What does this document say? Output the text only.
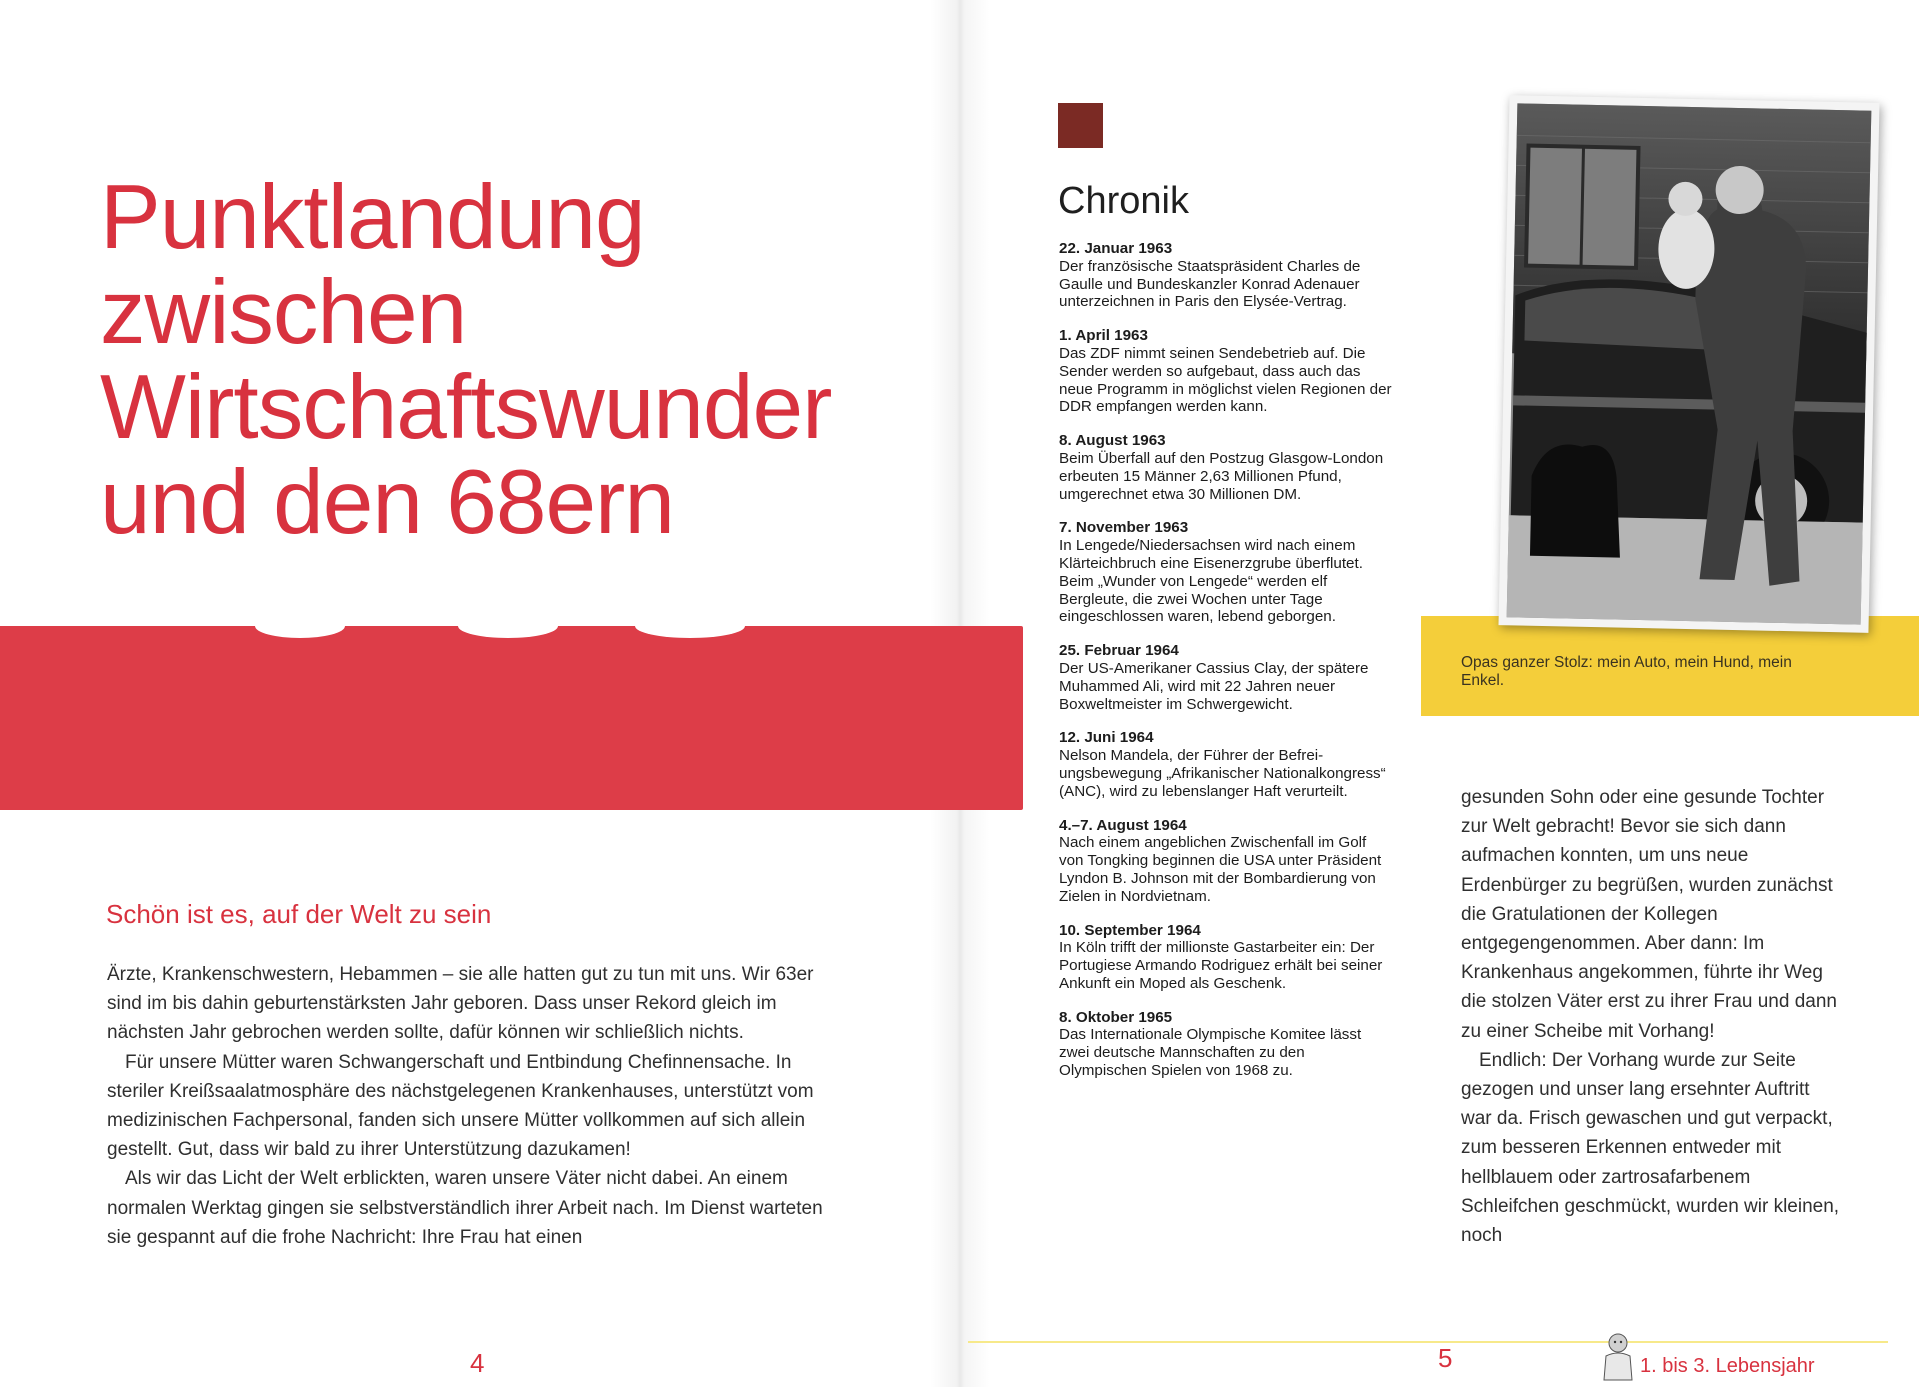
Punktlandung
zwischen
Wirtschaftswunder
und den 68ern
Schön ist es, auf der Welt zu sein

Ärzte, Krankenschwestern, Hebammen – sie alle hatten gut zu tun mit uns. Wir 63er sind im bis dahin geburtenstärksten Jahr geboren. Dass unser Rekord gleich im nächsten Jahr gebrochen werden sollte, dafür können wir schließlich nichts.

Für unsere Mütter waren Schwangerschaft und Entbindung Chefinnensache. In steriler Kreißsaalatmosphäre des nächstgelegenen Krankenhauses, unterstützt vom medizinischen Fachpersonal, fanden sich unsere Mütter vollkommen auf sich allein gestellt. Gut, dass wir bald zu ihrer Unterstützung dazukamen!

Als wir das Licht der Welt erblickten, waren unsere Väter nicht dabei. An einem normalen Werktag gingen sie selbstverständlich ihrer Arbeit nach. Im Dienst warteten sie gespannt auf die frohe Nachricht: Ihre Frau hat einen

4
Chronik
22. Januar 1963
Der französische Staatspräsident Charles de Gaulle und Bundeskanzler Konrad Adenauer unterzeichnen in Paris den Elysée-Vertrag.
1. April 1963
Das ZDF nimmt seinen Sendebetrieb auf. Die Sender werden so aufgebaut, dass auch das neue Programm in möglichst vielen Regionen der DDR empfangen werden kann.
8. August 1963
Beim Überfall auf den Postzug Glasgow-London erbeuten 15 Männer 2,63 Millionen Pfund, umgerechnet etwa 30 Millionen DM.
7. November 1963
In Lengede/Niedersachsen wird nach einem Klärteichbruch eine Eisenerzgrube überflutet. Beim „Wunder von Lengede“ werden elf Bergleute, die zwei Wochen unter Tage eingeschlossen waren, lebend geborgen.
25. Februar 1964
Der US-Amerikaner Cassius Clay, der spätere Muhammed Ali, wird mit 22 Jahren neuer Boxweltmeister im Schwergewicht.
12. Juni 1964
Nelson Mandela, der Führer der Befreiungsbewegung „Afrikanischer Nationalkongress“ (ANC), wird zu lebenslanger Haft verurteilt.
4.–7. August 1964
Nach einem angeblichen Zwischenfall im Golf von Tongking beginnen die USA unter Präsident Lyndon B. Johnson mit der Bombardierung von Zielen in Nordvietnam.
10. September 1964
In Köln trifft der millionste Gastarbeiter ein: Der Portugiese Armando Rodriguez erhält bei seiner Ankunft ein Moped als Geschenk.
8. Oktober 1965
Das Internationale Olympische Komitee lässt zwei deutsche Mannschaften zu den Olympischen Spielen von 1968 zu.
5

Opas ganzer Stolz: mein Auto, mein Hund, mein Enkel.

gesunden Sohn oder eine gesunde Tochter zur Welt gebracht! Bevor sie sich dann aufmachen konnten, um uns neue Erdenbürger zu begrüßen, wurden zunächst die Gratulationen der Kollegen entgegengenommen. Aber dann: Im Krankenhaus angekommen, führte ihr Weg die stolzen Väter erst zu ihrer Frau und dann zu einer Scheibe mit Vorhang!

Endlich: Der Vorhang wurde zur Seite gezogen und unser lang ersehnter Auftritt war da. Frisch gewaschen und gut verpackt, zum besseren Erkennen entweder mit hellblauem oder zartrosafarbenem Schleifchen geschmückt, wurden wir kleinen, noch

1. bis 3. Lebensjahr
